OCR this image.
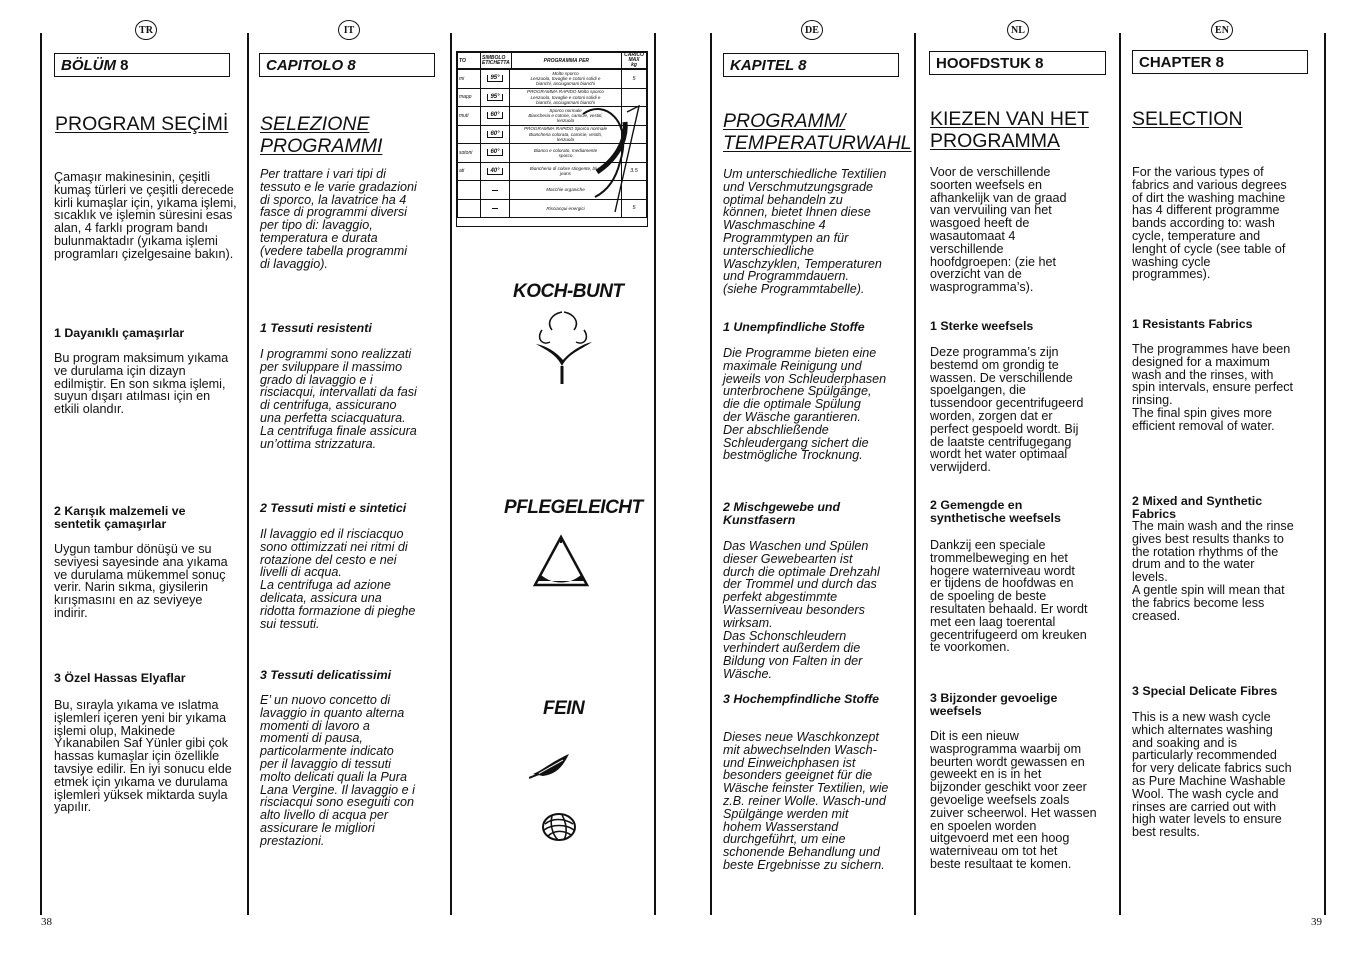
TR	IT	DE	NL	EN
BÖLÜM 8
PROGRAM SEÇİMİ
Çamaşır makinesinin, çeşitli
kumaş türleri ve çeşitli derecede
kirli kumaşlar için, yıkama işlemi,
sıcaklık ve işlemin süresini esas
alan, 4 farklı program bandı
bulunmaktadır (yıkama işlemi
programları çizelgesaine bakın).
1 Dayanıklı çamaşırlar
Bu program maksimum yıkama
ve durulama için dizayn
edilmiştir. En son sıkma işlemi,
suyun dışarı atılması için en
etkili olandır.
2 Karışık malzemeli ve
sentetik çamaşırlar
Uygun tambur dönüşü ve su
seviyesi sayesinde ana yıkama
ve durulama mükemmel sonuç
verir. Narin sıkma, giysilerin
kırışmasını en az seviyeye
indirir.
3 Özel Hassas Elyaflar
Bu, sırayla yıkama ve ıslatma
işlemleri içeren yeni bir yıkama
işlemi olup, Makinede
Yıkanabilen Saf Yünler gibi çok
hassas kumaşlar için özellikle
tavsiye edilir. En iyi sonucu elde
etmek için yıkama ve durulama
işlemleri yüksek miktarda suyla
yapılır.
CAPITOLO 8
SELEZIONE
PROGRAMMI
Per trattare i vari tipi di
tessuto e le varie gradazioni
di sporco, la lavatrice ha 4
fasce di programmi diversi
per tipo di: lavaggio,
temperatura e durata
(vedere tabella programmi
di lavaggio).
1 Tessuti resistenti
I programmi sono realizzati
per sviluppare il massimo
grado di lavaggio e i
risciacqui, intervallati da fasi
di centrifuga, assicurano
una perfetta sciacquatura.
La centrifuga finale assicura
un’ottima strizzatura.
2 Tessuti misti e sintetici
Il lavaggio ed il risciacquo
sono ottimizzati nei ritmi di
rotazione del cesto e nei
livelli di acqua.
La centrifuga ad azione
delicata, assicura una
ridotta formazione di pieghe
sui tessuti.
3 Tessuti delicatissimi
E’ un nuovo concetto di
lavaggio in quanto alterna
momenti di lavoro a
momenti di pausa,
particolarmente indicato
per il lavaggio di tessuti
molto delicati quali la Pura
Lana Vergine. Il lavaggio e i
risciacqui sono eseguiti con
alto livello di acqua per
assicurare le migliori
prestazioni.
TO	SIMBOLO
ETICHETTA	PROGRAMMA PER	CARICO
MAX
kg
mi	95°	Molto sporco
Lenzuola, tovaglie e cotoni solidi e
bianchi, asciugamani bianchi	5
mapp	95°	PROGRAMMA RAPIDO Molto sporco
Lenzuola, tovaglie e cotoni solidi e
bianchi, asciugamani bianchi	
muti	60°	Sporco normale
Biancheria e cotone, camicie, vestiti,
lenzuola	
	60°	PROGRAMMA RAPIDO Sporco normale
Biancheria colorata, camicie, vestiti,
lenzuola	
sotoni	60°	Bianco e colorato, mediamente
sporco	
ati	40°	Biancheria di colore stingente, blue
jeans	3.5
		Macchie organiche	
		Risciacqui energici	5
KOCH-BUNT
PFLEGELEICHT
FEIN
KAPITEL 8
PROGRAMM/
TEMPERATURWAHL
Um unterschiedliche Textilien
und Verschmutzungsgrade
optimal behandeln zu
können, bietet Ihnen diese
Waschmaschine 4
Programmtypen an für
unterschiedliche
Waschzyklen, Temperaturen
und Programmdauern.
(siehe Programmtabelle).
1 Unempfindliche Stoffe
Die Programme bieten eine
maximale Reinigung und
jeweils von Schleuderphasen
unterbrochene Spülgänge,
die die optimale Spülung
der Wäsche garantieren.
Der abschließende
Schleudergang sichert die
bestmögliche Trocknung.
2 Mischgewebe und
Kunstfasern
Das Waschen und Spülen
dieser Gewebearten ist
durch die optimale Drehzahl
der Trommel und durch das
perfekt abgestimmte
Wasserniveau besonders
wirksam.
Das Schonschleudern
verhindert außerdem die
Bildung von Falten in der
Wäsche.
3 Hochempfindliche Stoffe
Dieses neue Waschkonzept
mit abwechselnden Wasch-
und Einweichphasen ist
besonders geeignet für die
Wäsche feinster Textilien, wie
z.B. reiner Wolle. Wasch-und
Spülgänge werden mit
hohem Wasserstand
durchgeführt, um eine
schonende Behandlung und
beste Ergebnisse zu sichern.
HOOFDSTUK 8
KIEZEN VAN HET
PROGRAMMA
Voor de verschillende
soorten weefsels en
afhankelijk van de graad
van vervuiling van het
wasgoed heeft de
wasautomaat 4
verschillende
hoofdgroepen: (zie het
overzicht van de
wasprogramma’s).
1 Sterke weefsels
Deze programma’s zijn
bestemd om grondig te
wassen. De verschillende
spoelgangen, die
tussendoor gecentrifugeerd
worden, zorgen dat er
perfect gespoeld wordt. Bij
de laatste centrifugegang
wordt het water optimaal
verwijderd.
2 Gemengde en
synthetische weefsels
Dankzij een speciale
trommelbeweging en het
hogere waterniveau wordt
er tijdens de hoofdwas en
de spoeling de beste
resultaten behaald. Er wordt
met een laag toerental
gecentrifugeerd om kreuken
te voorkomen.
3 Bijzonder gevoelige
weefsels
Dit is een nieuw
wasprogramma waarbij om
beurten wordt gewassen en
geweekt en is in het
bijzonder geschikt voor zeer
gevoelige weefsels zoals
zuiver scheerwol. Het wassen
en spoelen worden
uitgevoerd met een hoog
waterniveau om tot het
beste resultaat te komen.
CHAPTER 8
SELECTION
For the various types of
fabrics and various degrees
of dirt the washing machine
has 4 different programme
bands according to: wash
cycle, temperature and
lenght of cycle (see table of
washing cycle
programmes).
1 Resistants Fabrics
The programmes have been
designed for a maximum
wash and the rinses, with
spin intervals, ensure perfect
rinsing.
The final spin gives more
efficient removal of water.
2 Mixed and Synthetic
Fabrics
The main wash and the rinse
gives best results thanks to
the rotation rhythms of the
drum and to the water
levels.
A gentle spin will mean that
the fabrics become less
creased.
3 Special Delicate Fibres
This is a new wash cycle
which alternates washing
and soaking and is
particularly recommended
for very delicate fabrics such
as Pure Machine Washable
Wool. The wash cycle and
rinses are carried out with
high water levels to ensure
best results.
38	39
